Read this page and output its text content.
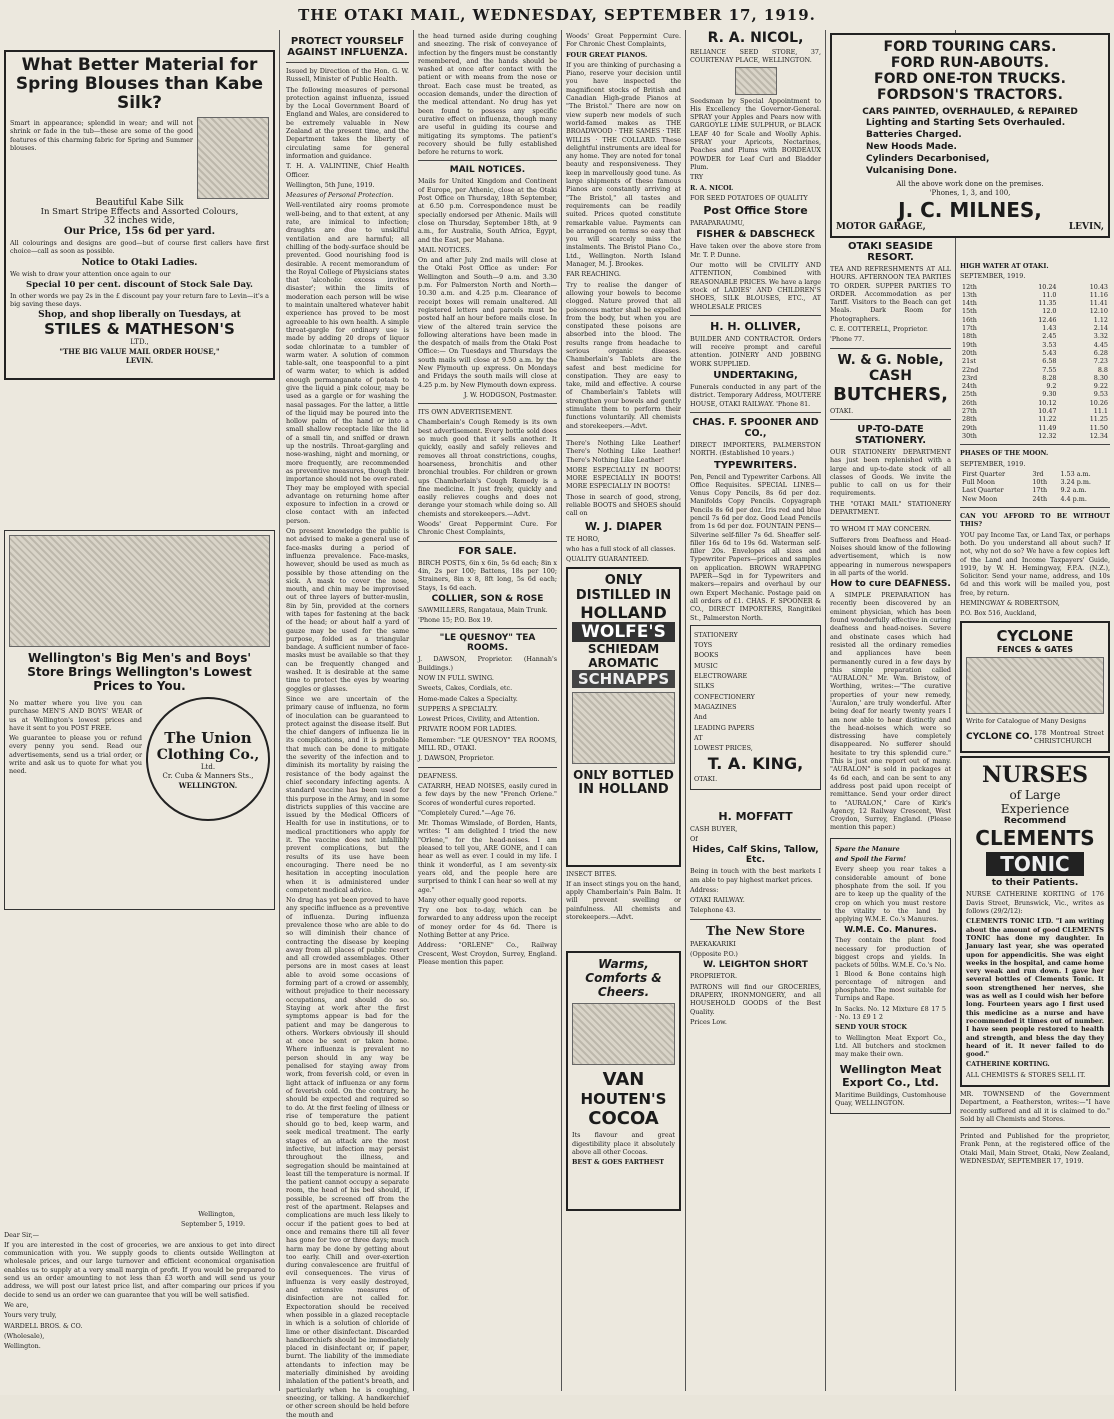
THE OTAKI MAIL, WEDNESDAY, SEPTEMBER 17, 1919.
What Better Material for Spring Blouses than Kabe Silk?
Smart in appearance; splendid in wear; and will not shrink or fade in the tub—these are some of the good features of this charming fabric for Spring and Summer blouses.
Beautiful Kabe Silk
In Smart Stripe Effects and Assorted Colours,
32 inches wide,
Our Price, 15s 6d per yard.
All colourings and designs are good—but of course first callers have first choice—call as soon as possible.
Notice to Otaki Ladies.
We wish to draw your attention once again to our
Special 10 per cent. discount of Stock Sale Day.
In other words we pay 2s in the £ discount pay your return fare to Levin—it's a big saving these days.
Shop, and shop liberally on Tuesdays, at
STILES & MATHESON'S
LTD.,
"THE BIG VALUE MAIL ORDER HOUSE,"
LEVIN.
Wellington's Big Men's and Boys' Store Brings Wellington's Lowest Prices to You.
No matter where you live you can purchase MEN'S AND BOYS' WEAR of us at Wellington's lowest prices and have it sent to you POST FREE.
We guarantee to please you or refund every penny you send. Read our advertisements, send us a trial order, or write and ask us to quote for what you need.
The Union
Clothing Co.,
Ltd.
Cr. Cuba & Manners Sts.,
WELLINGTON.
Wellington,
September 5, 1919.
Dear Sir,—
If you are interested in the cost of groceries, we are anxious to get into direct communication with you. We supply goods to clients outside Wellington at wholesale prices, and our large turnover and efficient economical organisation enables us to supply at a very small margin of profit. If you would be prepared to send us an order amounting to not less than £3 worth and will send us your address, we will post our latest price list, and after comparing our prices if you decide to send us an order we can guarantee that you will be well satisfied.
We are,
Yours very truly,
WARDELL BROS. & CO.
(Wholesale),
Wellington.
PROTECT YOURSELF AGAINST INFLUENZA.
Issued by Direction of the Hon. G. W. Russell, Minister of Public Health.
The following measures of personal protection against influenza, issued by the Local Government Board of England and Wales, are considered to be extremely valuable in New Zealand at the present time, and the Department takes the liberty of circulating same for general information and guidance.
T. H. A. VALINTINE, Chief Health Officer.
Wellington, 5th June, 1919.
Measures of Personal Protection.
Well-ventilated airy rooms promote well-being, and to that extent, at any rate, are inimical to infection; draughts are due to unskilful ventilation and are harmful; all chilling of the body-surface should be prevented. Good nourishing food is desirable. A recent memorandum of the Royal College of Physicians states that 'alcoholic excess invites disaster'; within the limits of moderation each person will be wise to maintain unaltered whatever habit experience has proved to be most agreeable to his own health. A simple throat-gargle for ordinary use is made by adding 20 drops of liquor sodæ chlorinatæ to a tumbler of warm water. A solution of common table-salt, one teaspoonful to a pint of warm water, to which is added enough permanganate of potash to give the liquid a pink colour, may be used as a gargle or for washing the nasal passages. For the latter, a little of the liquid may be poured into the hollow palm of the hand or into a small shallow receptacle like the lid of a small tin, and sniffed or drawn up the nostrils. Throat-gargling and nose-washing, night and morning, or more frequently, are recommended as preventive measures, though their importance should not be over-rated. They may be employed with special advantage on returning home after exposure to infection in a crowd or close contact with an infected person.
On present knowledge the public is not advised to make a general use of face-masks during a period of influenza prevalence. Face-masks, however, should be used as much as possible by those attending on the sick. A mask to cover the nose, mouth, and chin may be improvised out of three layers of butter-muslin, 8in by 5in, provided at the corners with tapes for fastening at the back of the head; or about half a yard of gauze may be used for the same purpose, folded as a triangular bandage. A sufficient number of face-masks must be available so that they can be frequently changed and washed. It is desirable at the same time to protect the eyes by wearing goggles or glasses.
Since we are uncertain of the primary cause of influenza, no form of inoculation can be guaranteed to protect against the disease itself. But the chief dangers of influenza lie in its complications, and it is probable that much can be done to mitigate the severity of the infection and to diminish its mortality by raising the resistance of the body against the chief secondary infecting agents. A standard vaccine has been used for this purpose in the Army, and in some districts supplies of this vaccine are issued by the Medical Officers of Health for use in institutions, or to medical practitioners who apply for it. The vaccine does not infallibly prevent complications, but the results of its use have been encouraging. There need be no hesitation in accepting inoculation when it is administered under competent medical advice.
No drug has yet been proved to have any specific influence as a preventive of influenza. During influenza prevalence those who are able to do so will diminish their chance of contracting the disease by keeping away from all places of public resort and all crowded assemblages. Other persons are in most cases at least able to avoid some occasions of forming part of a crowd or assembly, without prejudice to their necessary occupations, and should do so. Staying at work after the first symptoms appear is bad for the patient and may be dangerous to others. Workers obviously ill should at once be sent or taken home. Where influenza is prevalent no person should in any way be penalised for staying away from work, from feverish cold, or even in light attack of influenza or any form of feverish cold. On the contrary, he should be expected and required so to do. At the first feeling of illness or rise of temperature the patient should go to bed, keep warm, and seek medical treatment. The early stages of an attack are the most infective, but infection may persist throughout the illness, and segregation should be maintained at least till the temperature is normal. If the patient cannot occupy a separate room, the head of his bed should, if possible, be screened off from the rest of the apartment. Relapses and complications are much less likely to occur if the patient goes to bed at once and remains there till all fever has gone for two or three days; much harm may be done by getting about too early. Chill and over-exertion during convalescence are fruitful of evil consequences. The virus of influenza is very easily destroyed, and extensive measures of disinfection are not called for. Expectoration should be received when possible in a glazed receptacle in which is a solution of chloride of lime or other disinfectant. Discarded handkerchiefs should be immediately placed in disinfectant or, if paper, burnt. The liability of the immediate attendants to infection may be materially diminished by avoiding inhalation of the patient's breath, and particularly when he is coughing, sneezing, or talking. A handkerchief or other screen should be held before the mouth and
the head turned aside during coughing and sneezing. The risk of conveyance of infection by the fingers must be constantly remembered, and the hands should be washed at once after contact with the patient or with means from the nose or throat. Each case must be treated, as occasion demands, under the direction of the medical attendant. No drug has yet been found to possess any specific curative effect on influenza, though many are useful in guiding its course and mitigating its symptoms. The patient's recovery should be fully established before he returns to work.
MAIL NOTICES.
Mails for United Kingdom and Continent of Europe, per Athenic, close at the Otaki Post Office on Thursday, 18th September, at 6.50 p.m. Correspondence must be specially endorsed per Athenic. Mails will close on Thursday, September 18th, at 9 a.m., for Australia, South Africa, Egypt, and the East, per Mahana.
MAIL NOTICES.
On and after July 2nd mails will close at the Otaki Post Office as under: For Wellington and South—9 a.m. and 3.30 p.m. For Palmerston North and North—10.30 a.m. and 4.25 p.m. Clearance of receipt boxes will remain unaltered. All registered letters and parcels must be posted half an hour before mails close. In view of the altered train service the following alterations have been made in the despatch of mails from the Otaki Post Office:— On Tuesdays and Thursdays the south mails will close at 9.50 a.m. by the New Plymouth up express. On Mondays and Fridays the south mails will close at 4.25 p.m. by New Plymouth down express.
J. W. HODGSON, Postmaster.
ITS OWN ADVERTISEMENT.
Chamberlain's Cough Remedy is its own best advertisement. Every bottle sold does so much good that it sells another. It quickly, easily and safely relieves and removes all throat constrictions, coughs, hoarseness, bronchitis and other bronchial troubles. For children or grown ups Chamberlain's Cough Remedy is a fine medicine. It just freely, quickly and easily relieves coughs and does not derange your stomach while doing so. All chemists and storekeepers.—Advt.
Woods' Great Peppermint Cure. For Chronic Chest Complaints,
FOR SALE.
BIRCH POSTS, 6in x 6in, 5s 6d each; 8in x 4in, 2s per 100; Battens, 18s per 100; Strainers, 8in x 8, 8ft long, 5s 6d each; Stays, 1s 6d each.
COLLIER, SON & ROSE
SAWMILLERS, Rangataua, Main Trunk.
'Phone 15; P.O. Box 19.
"LE QUESNOY" TEA ROOMS.
J. DAWSON, Proprietor. (Hannah's Buildings.)
NOW IN FULL SWING.
Sweets, Cakes, Cordials, etc.
Home-made Cakes a Specialty.
SUPPERS A SPECIALTY.
Lowest Prices, Civility, and Attention.
PRIVATE ROOM FOR LADIES.
Remember: "LE QUESNOY" TEA ROOMS, MILL RD., OTAKI.
J. DAWSON, Proprietor.
DEAFNESS.
CATARRH, HEAD NOISES, easily cured in a few days by the new "French Orlene." Scores of wonderful cures reported.
"Completely Cured."—Age 76.
Mr. Thomas Wimslade, of Borden, Hants, writes: "I am delighted I tried the new "Orlene," for the head-noises. I am pleased to tell you, ARE GONE, and I can hear as well as ever. I could in my life. I think it wonderful, as I am seventy-six years old, and the people here are surprised to think I can hear so well at my age."
Many other equally good reports.
Try one box to-day, which can be forwarded to any address upon the receipt of money order for 4s 6d. There is Nothing Better at any Price.
Address: "ORLENE" Co., Railway Crescent, West Croydon, Surrey, England. Please mention this paper.
Woods' Great Peppermint Cure. For Chronic Chest Complaints,
FOUR GREAT PIANOS.
If you are thinking of purchasing a Piano, reserve your decision until you have inspected the magnificent stocks of British and Canadian High-grade Pianos at "The Bristol." There are now on view superb new models of such world-famed makes as THE BROADWOOD · THE SAMES · THE WILLIS · THE COLLARD. These delightful instruments are ideal for any home. They are noted for tonal beauty and responsiveness. They keep in marvellously good tune. As large shipments of these famous Pianos are constantly arriving at "The Bristol," all tastes and requirements can be readily suited. Prices quoted constitute remarkable value. Payments can be arranged on terms so easy that you will scarcely miss the instalments. The Bristol Piano Co., Ltd., Wellington. North Island Manager, M. J. Brookes.
FAR REACHING.
Try to realise the danger of allowing your bowels to become clogged. Nature proved that all poisonous matter shall be expelled from the body, but when you are constipated these poisons are absorbed into the blood. The results range from headache to serious organic diseases. Chamberlain's Tablets are the safest and best medicine for constipation. They are easy to take, mild and effective. A course of Chamberlain's Tablets will strengthen your bowels and gently stimulate them to perform their functions voluntarily. All chemists and storekeepers.—Advt.
There's Nothing Like Leather! There's Nothing Like Leather! There's Nothing Like Leather!
MORE ESPECIALLY IN BOOTS! MORE ESPECIALLY IN BOOTS! MORE ESPECIALLY IN BOOTS!
Those in search of good, strong, reliable BOOTS and SHOES should call on
W. J. DIAPER
TE HORO,
who has a full stock of all classes.
QUALITY GUARANTEED.
ONLY
DISTILLED IN
HOLLAND
WOLFE'S
SCHIEDAM
AROMATIC
SCHNAPPS
ONLY BOTTLED
IN HOLLAND
INSECT BITES.
If an insect stings you on the hand, apply Chamberlain's Pain Balm. It will prevent swelling or painfulness. All chemists and storekeepers.—Advt.
Warms,
Comforts &
Cheers.
VAN
HOUTEN'S
COCOA
Its flavour and great digestibility place it absolutely above all other Cocoas.
BEST & GOES FARTHEST
R. A. NICOL,
RELIANCE SEED STORE, 37, COURTENAY PLACE, WELLINGTON.
Seedsman by Special Appointment to His Excellency the Governor-General. SPRAY your Apples and Pears now with GARGOYLE LIME SULPHUR, or BLACK LEAF 40 for Scale and Woolly Aphis. SPRAY your Apricots, Nectarines, Peaches and Plums with BORDEAUX POWDER for Leaf Curl and Bladder Plum.
TRY
R. A. NICOL
FOR SEED POTATOES OF QUALITY
Post Office Store
PARAPARAUMU,
FISHER & DABSCHECK
Have taken over the above store from Mr. T. P. Dunne.
Our motto will be CIVILITY AND ATTENTION, Combined with REASONABLE PRICES. We have a large stock of LADIES' AND CHILDREN'S SHOES, SILK BLOUSES, ETC., AT WHOLESALE PRICES
H. H. OLLIVER,
BUILDER AND CONTRACTOR. Orders will receive prompt and careful attention. JOINERY AND JOBBING WORK SUPPLIED.
UNDERTAKING,
Funerals conducted in any part of the district. Temporary Address, MOUTERE HOUSE, OTAKI RAILWAY. 'Phone 81.
CHAS. F. SPOONER AND CO.,
DIRECT IMPORTERS, PALMERSTON NORTH. (Established 10 years.)
TYPEWRITERS.
Pen, Pencil and Typewriter Carbons. All Office Requisites. SPECIAL LINES— Venus Copy Pencils, 8s 6d per doz. Manifolds Copy Pencils. Copyagraph Pencils 8s 6d per doz. Iris red and blue pencil 7s 6d per doz. Good Lead Pencils from 1s 6d per doz. FOUNTAIN PENS— Silverine self-filler 7s 6d. Sheaffer self-filler 16s 6d to 19s 6d. Waterman self-filler 20s. Envelopes all sizes and Typewriter Papers—prices and samples on application. BROWN WRAPPING PAPER—Sqd in for Typewriters and makers—repairs and overhaul by our own Expert Mechanic. Postage paid on all orders of £1. CHAS. F. SPOONER & CO., DIRECT IMPORTERS, Rangitikei St., Palmerston North.
STATIONERY
TOYS
BOOKS
MUSIC
ELECTROWARE
SILKS
CONFECTIONERY
MAGAZINES
And
LEADING PAPERS
AT
LOWEST PRICES,
T. A. KING,
OTAKI.
H. MOFFATT
CASH BUYER,
Of
Hides, Calf Skins, Tallow, Etc.
Being in touch with the best markets I am able to pay highest market prices.
Address:
OTAKI RAILWAY.
Telephone 43.
The New Store
PAEKAKARIKI
(Opposite P.O.)
W. LEIGHTON SHORT
PROPRIETOR.
PATRONS will find our GROCERIES, DRAPERY, IRONMONGERY, and all HOUSEHOLD GOODS of the Best Quality.
Prices Low.
FORD TOURING CARS.
FORD RUN-ABOUTS.
FORD ONE-TON TRUCKS.
FORDSON'S TRACTORS.
CARS PAINTED, OVERHAULED, & REPAIRED
Lighting and Starting Sets Overhauled.
Batteries Charged.
New Hoods Made.
Cylinders Decarbonised,
Vulcanising Done.
All the above work done on the premises.
'Phones, 1, 3, and 100,
J. C. MILNES,
MOTOR GARAGE,	LEVIN,
OTAKI SEASIDE RESORT.
TEA AND REFRESHMENTS AT ALL HOURS. AFTERNOON TEA PARTIES TO ORDER. SUPPER PARTIES TO ORDER. Accommodation as per Tariff. Visitors to the Beach can get Meals. Dark Room for Photographers.
C. E. COTTERELL, Proprietor.
'Phone 77.
W. & G. Noble,
CASH
BUTCHERS,
OTAKI.
UP-TO-DATE
STATIONERY.
OUR STATIONERY DEPARTMENT has just been replenished with a large and up-to-date stock of all classes of Goods. We invite the public to call on us for their requirements.
THE "OTAKI MAIL" STATIONERY DEPARTMENT.
TO WHOM IT MAY CONCERN.
Sufferers from Deafness and Head-Noises should know of the following advertisement, which is now appearing in numerous newspapers in all parts of the world.
How to cure DEAFNESS.
A SIMPLE PREPARATION has recently been discovered by an eminent physician, which has been found wonderfully effective in curing deafness and head-noises. Severe and obstinate cases which had resisted all the ordinary remedies and appliances have been permanently cured in a few days by this simple preparation called "AURALON." Mr. Wm. Bristow, of Worthing, writes:—"The curative properties of your new remedy, 'Auralon,' are truly wonderful. After being deaf for nearly twenty years I am now able to hear distinctly and the head-noises which were so distressing have completely disappeared. No sufferer should hesitate to try this splendid cure." This is just one report out of many. "AURALON" is sold in packages at 4s 6d each, and can be sent to any address post paid upon receipt of remittance. Send your order direct to "AURALON," Care of Kirk's Agency, 12 Railway Crescent, West Croydon, Surrey, England. (Please mention this paper.)
Spare the Manure
and Spoil the Farm!
Every sheep you rear takes a considerable amount of bone phosphate from the soil. If you are to keep up the quality of the crop on which you must restore the vitality to the land by applying W.M.E. Co.'s Manures.
W.M.E. Co. Manures.
They contain the plant food necessary for production of biggest crops and yields. In packets of 50lbs. W.M.E. Co.'s No. 1 Blood & Bone contains high percentage of nitrogen and phosphate. The most suitable for Turnips and Rape.
In Sacks. No. 12 Mixture £8 17 5 · No. 13 £9 1 2
SEND YOUR STOCK
to Wellington Meat Export Co., Ltd. All butchers and stockmen may make their own.
Wellington Meat Export Co., Ltd.
Maritime Buildings, Customhouse Quay, WELLINGTON.
HIGH WATER AT OTAKI.
SEPTEMBER, 1919.
12th	10.24	10.43
13th	11.0	11.16
14th	11.35	11.41
15th	12.0	12.10
16th	12.46	1.12
17th	1.43	2.14
18th	2.45	3.32
19th	3.53	4.45
20th	5.43	6.28
21st	6.58	7.23
22nd	7.55	8.8
23rd	8.28	8.30
24th	9.2	9.22
25th	9.30	9.53
26th	10.12	10.26
27th	10.47	11.1
28th	11.22	11.25
29th	11.49	11.50
30th	12.32	12.34
PHASES OF THE MOON.
SEPTEMBER, 1919.
First Quarter	3rd	1.53 a.m.
Full Moon	10th	3.24 p.m.
Last Quarter	17th	9.2 a.m.
New Moon	24th	4.4 p.m.
CAN YOU AFFORD TO BE WITHOUT THIS?
YOU pay Income Tax, or Land Tax, or perhaps both. Do you understand all about such? If not, why not do so? We have a few copies left of the Land and Income Taxpayers' Guide, 1919, by W. H. Hemingway, F.P.A. (N.Z.), Solicitor. Send your name, address, and 10s 6d and this work will be mailed you, post free, by return.
HEMINGWAY & ROBERTSON,
P.O. Box 516, Auckland,
CYCLONE
FENCES & GATES
Write for Catalogue of Many Designs
CYCLONE CO. 178 Montreal Street CHRISTCHURCH
NURSES
of Large
Experience
Recommend
CLEMENTS
TONIC
to their Patients.
NURSE CATHERINE KORTING of 176 Davis Street, Brunswick, Vic., writes as follows (29/2/12):
CLEMENTS TONIC LTD. "I am writing about the amount of good CLEMENTS TONIC has done my daughter. In January last year, she was operated upon for appendicitis. She was eight weeks in the hospital, and came home very weak and run down. I gave her several bottles of Clements Tonic. It soon strengthened her nerves, she was as well as I could wish her before long. Fourteen years ago I first used this medicine as a nurse and have recommended it times out of number. I have seen people restored to health and strength, and bless the day they heard of it. It never failed to do good."
CATHERINE KORTING.
ALL CHEMISTS & STORES SELL IT.
MR. TOWNSEND of the Government Department, a Featherston, writes:—"I have recently suffered and all it is claimed to do." Sold by all Chemists and Stores.
Printed and Published for the proprietor, Frank Penn, at the registered office of the Otaki Mail, Main Street, Otaki, New Zealand, WEDNESDAY, SEPTEMBER 17, 1919.
